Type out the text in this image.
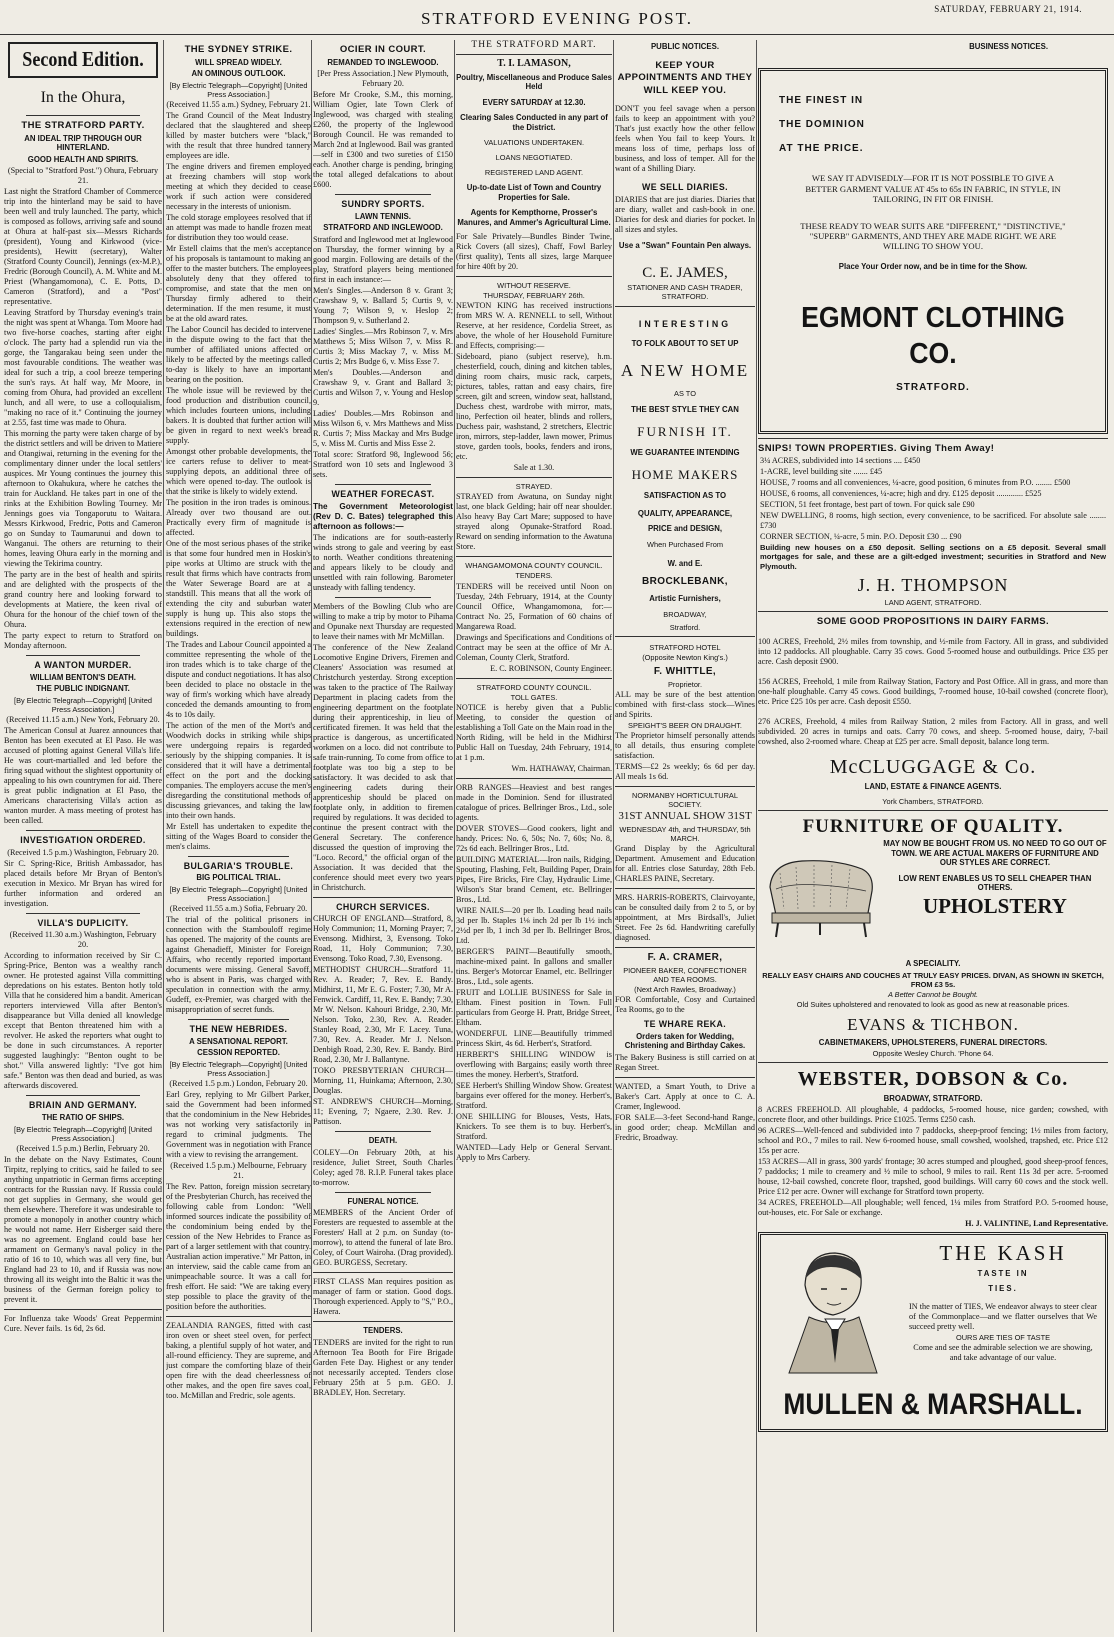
STRATFORD EVENING POST.	SATURDAY, FEBRUARY 21, 1914.
Second Edition.
In the Ohura,
THE STRATFORD PARTY.
AN IDEAL TRIP THROUGH OUR HINTERLAND.
GOOD HEALTH AND SPIRITS.
(Special to "Stratford Post.") Ohura, February 21.
Last night the Stratford Chamber of Commerce trip into the hinterland may be said to have been well and truly launched. The party, which is composed as follows, arriving safe and sound at Ohura at half-past six—Messrs Richards (president), Young and Kirkwood (vice-presidents), Hewitt (secretary), Walter (Stratford County Council), Jennings (ex-M.P.), Fredric (Borough Council), A. M. White and M. Priest (Whangamomona), C. E. Potts, D. Cameron (Stratford), and a "Post" representative.
Leaving Stratford by Thursday evening's train the night was spent at Whanga. Tom Moore had two five-horse coaches, starting after eight o'clock. The party had a splendid run via the gorge, the Tangarakau being seen under the most favourable conditions. The weather was ideal for such a trip, a cool breeze tempering the sun's rays. At half way, Mr Moore, in coming from Ohura, had provided an excellent lunch, and all were, to use a colloquialism, "making no race of it." Continuing the journey at 2.55, fast time was made to Ohura.
This morning the party were taken charge of by the district settlers and will be driven to Matiere and Otangiwai, returning in the evening for the complimentary dinner under the local settlers' auspices. Mr Young continues the journey this afternoon to Okahukura, where he catches the train for Auckland. He takes part in one of the rinks at the Exhibition Bowling Tourney. Mr Jennings goes via Tongaporutu to Waitara. Messrs Kirkwood, Fredric, Potts and Cameron go on Sunday to Taumarunui and down to Wanganui. The others are returning to their homes, leaving Ohura early in the morning and viewing the Tekirima country.
The party are in the best of health and spirits and are delighted with the prospects of the grand country here and looking forward to developments at Matiere, the keen rival of Ohura for the honour of the chief town of the Ohura.
The party expect to return to Stratford on Monday afternoon.
A WANTON MURDER.
WILLIAM BENTON'S DEATH.
THE PUBLIC INDIGNANT.
[By Electric Telegraph—Copyright] [United Press Association.]
(Received 11.15 a.m.) New York, February 20.
The American Consul at Juarez announces that Benton has been executed at El Paso. He was accused of plotting against General Villa's life. He was court-martialled and led before the firing squad without the slightest opportunity of appealing to his own countrymen for aid. There is great public indignation at El Paso, the Americans characterising Villa's action as wanton murder. A mass meeting of protest has been called.
INVESTIGATION ORDERED.
(Received 1.5 p.m.) Washington, February 20.
Sir C. Spring-Rice, British Ambassador, has placed details before Mr Bryan of Benton's execution in Mexico. Mr Bryan has wired for further information and ordered an investigation.
VILLA'S DUPLICITY.
(Received 11.30 a.m.) Washington, February 20.
According to information received by Sir C. Spring-Price, Benton was a wealthy ranch owner. He protested against Villa committing depredations on his estates. Benton hotly told Villa that he considered him a bandit. American reporters interviewed Villa after Benton's disappearance but Villa denied all knowledge except that Benton threatened him with a revolver. He asked the reporters what ought to be done in such circumstances. A reporter suggested laughingly: "Benton ought to be shot." Villa answered lightly: "I've got him safe." Benton was then dead and buried, as was afterwards discovered.
BRIAIN AND GERMANY.
THE RATIO OF SHIPS.
[By Electric Telegraph—Copyright] [United Press Association.]
(Received 1.5 p.m.) Berlin, February 20.
In the debate on the Navy Estimates, Count Tirpitz, replying to critics, said he failed to see anything unpatriotic in German firms accepting contracts for the Russian navy. If Russia could not get supplies in Germany, she would get them elsewhere. Therefore it was undesirable to promote a monopoly in another country which he would not name. Herr Eisberger said there was no agreement. England could base her armament on Germany's naval policy in the ratio of 16 to 10, which was all very fine, but England had 23 to 10, and if Russia was now throwing all its weight into the Baltic it was the business of the German foreign policy to prevent it.
For Influenza take Woods' Great Peppermint Cure. Never fails. 1s 6d, 2s 6d.
THE SYDNEY STRIKE.
WILL SPREAD WIDELY.
AN OMINOUS OUTLOOK.
[By Electric Telegraph—Copyright] [United Press Association.]
(Received 11.55 a.m.) Sydney, February 21.
The Grand Council of the Meat Industry declared that the slaughtered and sheep killed by master butchers were "black," with the result that three hundred tannery employees are idle.
The engine drivers and firemen employed at freezing chambers will stop work meeting at which they decided to cease work if such action were considered necessary in the interests of unionism.
The cold storage employees resolved that if an attempt was made to handle frozen meat for distribution they too would cease.
Mr Estell claims that the men's acceptance of his proposals is tantamount to making an offer to the master butchers. The employees absolutely deny that they offered to compromise, and state that the men on Thursday firmly adhered to their determination. If the men resume, it must be at the old award rates.
The Labor Council has decided to intervene in the dispute owing to the fact that the number of affiliated unions affected or likely to be affected by the meetings called to-day is likely to have an important bearing on the position.
The whole issue will be reviewed by the food production and distribution council, which includes fourteen unions, including bakers. It is doubted that further action will be given in regard to next week's bread supply.
Amongst other probable developments, the ice carters refuse to deliver to meat-supplying depots, an additional three of which were opened to-day. The outlook is that the strike is likely to widely extend.
The position in the iron trades is ominous. Already over two thousand are out. Practically every firm of magnitude is affected.
One of the most serious phases of the strike is that some four hundred men in Hoskin's pipe works at Ultimo are struck with the result that firms which have contracts from the Water Sewerage Board are at a standstill. This means that all the work of extending the city and suburban water supply is hung up. This also stops the extensions required in the erection of new buildings.
The Trades and Labour Council appointed a committee representing the whole of the iron trades which is to take charge of the dispute and conduct negotiations. It has also been decided to place no obstacle in the way of firm's working which have already conceded the demands amounting to from 4s to 10s daily.
The action of the men of the Mort's and Woodwich docks in striking while ships were undergoing repairs is regarded seriously by the shipping companies. It is considered that it will have a detrimental effect on the port and the docking companies. The employers accuse the men's disregarding the constitutional methods of discussing grievances, and taking the law into their own hands.
Mr Estell has undertaken to expedite the sitting of the Wages Board to consider the men's claims.
BULGARIA'S TROUBLE.
BIG POLITICAL TRIAL.
[By Electric Telegraph—Copyright] [United Press Association.]
(Received 11.55 a.m.) Sofia, February 20.
The trial of the political prisoners in connection with the Stambouloff regime has opened. The majority of the counts are against Ghenadieff, Minister for Foreign Affairs, who recently reported important documents were missing. General Savoff, who is absent in Paris, was charged with speculation in connection with the army. Gudeff, ex-Premier, was charged with the misappropriation of secret funds.
THE NEW HEBRIDES.
A SENSATIONAL REPORT.
CESSION REPORTED.
[By Electric Telegraph—Copyright] [United Press Association.]
(Received 1.5 p.m.) London, February 20.
Earl Grey, replying to Mr Gilbert Parker, said the Government had been informed that the condominium in the New Hebrides was not working very satisfactorily in regard to criminal judgments. The Government was in negotiation with France with a view to revising the arrangement.
(Received 1.5 p.m.) Melbourne, February 21.
The Rev. Patton, foreign mission secretary of the Presbyterian Church, has received the following cable from London: "Well informed sources indicate the possibility of the condominium being ended by the cession of the New Hebrides to France as part of a larger settlement with that country. Australian action imperative." Mr Patton, in an interview, said the cable came from an unimpeachable source. It was a call for fresh effort. He said: "We are taking every step possible to place the gravity of the position before the authorities.
ZEALANDIA RANGES, fitted with cast iron oven or sheet steel oven, for perfect baking, a plentiful supply of hot water, and all-round efficiency. They are supreme, and just compare the comforting blaze of their open fire with the dead cheerlessness of other makes, and the open fire saves coal, too. McMillan and Fredric, sole agents.
OCIER IN COURT.
REMANDED TO INGLEWOOD.
[Per Press Association.] New Plymouth, February 20.
Before Mr Crooke, S.M., this morning, William Ogier, late Town Clerk of Inglewood, was charged with stealing £260, the property of the Inglewood Borough Council. He was remanded to March 2nd at Inglewood. Bail was granted—self in £300 and two sureties of £150 each. Another charge is pending, bringing the total alleged defalcations to about £600.
SUNDRY SPORTS.
LAWN TENNIS.
STRATFORD AND INGLEWOOD.
Stratford and Inglewood met at Inglewood on Thursday, the former winning by a good margin. Following are details of the play, Stratford players being mentioned first in each instance:—
Men's Singles.—Anderson 8 v. Grant 3; Crawshaw 9, v. Ballard 5; Curtis 9, v. Young 7; Wilson 9, v. Heslop 2; Thompson 9, v. Sutherland 2.
Ladies' Singles.—Mrs Robinson 7, v. Mrs Matthews 5; Miss Wilson 7, v. Miss R. Curtis 3; Miss Mackay 7, v. Miss M. Curtis 2; Mrs Budge 6, v. Miss Esse 7.
Men's Doubles.—Anderson and Crawshaw 9, v. Grant and Ballard 3; Curtis and Wilson 7, v. Young and Heslop 9.
Ladies' Doubles.—Mrs Robinson and Miss Wilson 6, v. Mrs Matthews and Miss R. Curtis 7; Miss Mackay and Mrs Budge 5, v. Miss M. Curtis and Miss Esse 2.
Total score: Stratford 98, Inglewood 56; Stratford won 10 sets and Inglewood 3 sets.
WEATHER FORECAST.
The Government Meteorologist (Rev D. C. Bates) telegraphed this afternoon as follows:—
The indications are for south-easterly winds strong to gale and veering by east to north. Weather conditions threatening and appears likely to be cloudy and unsettled with rain following. Barometer unsteady with falling tendency.
Members of the Bowling Club who are willing to make a trip by motor to Pihama and Opunake next Thursday are requested to leave their names with Mr McMillan.
The conference of the New Zealand Locomotive Engine Drivers, Firemen and Cleaners' Association was resumed at Christchurch yesterday. Strong exception was taken to the practice of The Railway Department in placing cadets from the engineering department on the footplate during their apprenticeship, in lieu of certificated firemen. It was held that the practice is dangerous, as uncertificated workmen on a loco. did not contribute to safe train-running. To come from office to footplate was too big a step to be satisfactory. It was decided to ask that engineering cadets during their apprenticeship should be placed on footplate only, in addition to firemen required by regulations. It was decided to continue the present contract with the General Secretary. The conference discussed the question of improving the "Loco. Record," the official organ of the Association. It was decided that the conference should meet every two years in Christchurch.
CHURCH SERVICES.
CHURCH OF ENGLAND—Stratford, 8, Holy Communion; 11, Morning Prayer; 7, Evensong. Midhirst, 3, Evensong. Toko Road, 11, Holy Communion; 7.30, Evensong. Toko Road, 7.30, Evensong.
METHODIST CHURCH—Stratford 11, Rev. A. Reader; 7, Rev. E. Bandy. Midhirst, 11, Mr E. G. Foster; 7.30, Mr A. Fenwick. Cardiff, 11, Rev. E. Bandy; 7.30, Mr W. Nelson. Kahouri Bridge, 2.30, Mr. Nelson. Toko, 2.30, Rev. A. Reader. Stanley Road, 2.30, Mr F. Lacey. Tuna, 7.30, Rev. A. Reader. Mr J. Nelson. Denbigh Road, 2.30, Rev. E. Bandy. Bird Road, 2.30, Mr J. Ballantyne.
TOKO PRESBYTERIAN CHURCH—Morning, 11, Huinkama; Afternoon, 2.30, Douglas.
ST. ANDREW'S CHURCH—Morning, 11; Evening, 7; Ngaere, 2.30. Rev. J. Pattison.
DEATH.
COLEY—On February 20th, at his residence, Juliet Street, South Charles Coley; aged 78. R.I.P. Funeral takes place to-morrow.
FUNERAL NOTICE.
MEMBERS of the Ancient Order of Foresters are requested to assemble at the Foresters' Hall at 2 p.m. on Sunday (to-morrow), to attend the funeral of late Bro. Coley, of Court Wairoha. (Drag provided). GEO. BURGESS, Secretary.
FIRST CLASS Man requires position as manager of farm or station. Good dogs. Thorough experienced. Apply to "S," P.O., Hawera.
TENDERS.
TENDERS are invited for the right to run Afternoon Tea Booth for Fire Brigade Garden Fete Day. Highest or any tender not necessarily accepted. Tenders close February 25th at 5 p.m. GEO. J. BRADLEY, Hon. Secretary.
THE STRATFORD MART.
T. I. LAMASON,
Poultry, Miscellaneous and Produce Sales Held
EVERY SATURDAY at 12.30.
Clearing Sales Conducted in any part of the District.
VALUATIONS UNDERTAKEN.
LOANS NEGOTIATED.
REGISTERED LAND AGENT.
Up-to-date List of Town and Country Properties for Sale.
Agents for Kempthorne, Prosser's Manures, and Ammer's Agricultural Lime.
For Sale Privately—Bundles Binder Twine, Rick Covers (all sizes), Chaff, Fowl Barley (first quality), Tents all sizes, large Marquee for hire 40ft by 20.
WITHOUT RESERVE.
THURSDAY, FEBRUARY 26th.
NEWTON KING has received instructions from MRS W. A. RENNELL to sell, Without Reserve, at her residence, Cordelia Street, as above, the whole of her Household Furniture and Effects, comprising:—
Sideboard, piano (subject reserve), h.m. chesterfield, couch, dining and kitchen tables, dining room chairs, music rack, carpets, pictures, tables, rattan and easy chairs, fire screen, gilt and screen, window seat, hallstand, Duchess chest, wardrobe with mirror, mats, lino, Perfection oil heater, blinds and rollers, Duchess pair, washstand, 2 stretchers, Electric iron, mirrors, step-ladder, lawn mower, Primus stove, garden tools, books, fenders and irons, etc.
Sale at 1.30.
STRAYED.
STRAYED from Awatuna, on Sunday night last, one black Gelding; hair off near shoulder. Also heavy Bay Cart Mare; supposed to have strayed along Opunake-Stratford Road. Reward on sending information to the Awatuna Store.
WHANGAMOMONA COUNTY COUNCIL.
TENDERS.
TENDERS will be received until Noon on Tuesday, 24th February, 1914, at the County Council Office, Whangamomona, for:—Contract No. 25, Formation of 60 chains of Mangarewa Road.
Drawings and Specifications and Conditions of Contract may be seen at the office of Mr A. Coleman, County Clerk, Stratford.
E. C. ROBINSON, County Engineer.
STRATFORD COUNTY COUNCIL.
TOLL GATES.
NOTICE is hereby given that a Public Meeting, to consider the question of establishing a Toll Gate on the Main road in the North Riding, will be held in the Midhirst Public Hall on Tuesday, 24th February, 1914, at 1 p.m.
Wm. HATHAWAY, Chairman.
ORB RANGES—Heaviest and best ranges made in the Dominion. Send for illustrated catalogue of prices. Bellringer Bros., Ltd., sole agents.
DOVER STOVES—Good cookers, light and handy. Prices: No. 6, 50s; No. 7, 60s; No. 8, 72s 6d each. Bellringer Bros., Ltd.
BUILDING MATERIAL—Iron nails, Ridging, Spouting, Flashing, Felt, Building Paper, Drain Pipes, Fire Bricks, Fire Clay, Hydraulic Lime, Wilson's Star brand Cement, etc. Bellringer Bros., Ltd.
WIRE NAILS—20 per lb. Loading head nails 3d per lb. Staples 1⅛ inch 2d per lb 1½ inch 2½d per lb, 1 inch 3d per lb. Bellringer Bros, Ltd.
BERGER'S PAINT—Beautifully smooth, machine-mixed paint. In gallons and smaller tins. Berger's Motorcar Enamel, etc. Bellringer Bros., Ltd., sole agents.
FRUIT and LOLLIE BUSINESS for Sale in Eltham. Finest position in Town. Full particulars from George H. Pratt, Bridge Street, Eltham.
WONDERFUL LINE—Beautifully trimmed Princess Skirt, 4s 6d. Herbert's, Stratford.
HERBERT'S SHILLING WINDOW is overflowing with Bargains; easily worth three times the money. Herbert's, Stratford.
SEE Herbert's Shilling Window Show. Greatest bargains ever offered for the money. Herbert's, Stratford.
ONE SHILLING for Blouses, Vests, Hats, Knickers. To see them is to buy. Herbert's, Stratford.
WANTED—Lady Help or General Servant. Apply to Mrs Carbery.
PUBLIC NOTICES.
KEEP YOUR APPOINTMENTS AND THEY WILL KEEP YOU.
DON'T you feel savage when a person fails to keep an appointment with you? That's just exactly how the other fellow feels when You fail to keep Yours. It means loss of time, perhaps loss of business, and loss of temper. All for the want of a Shilling Diary.
WE SELL DIARIES.
DIARIES that are just diaries. Diaries that are diary, wallet and cash-book in one. Diaries for desk and diaries for pocket. In all sizes and styles.
Use a "Swan" Fountain Pen always.
C. E. JAMES,
STATIONER AND CASH TRADER, STRATFORD.
INTERESTING
TO FOLK ABOUT TO SET UP
A NEW HOME
AS TO
THE BEST STYLE THEY CAN
FURNISH IT.
WE GUARANTEE INTENDING
HOME MAKERS
SATISFACTION AS TO
QUALITY, APPEARANCE,
PRICE and DESIGN,
When Purchased From
W. and E.
BROCKLEBANK,
Artistic Furnishers,
BROADWAY,
Stratford.
STRATFORD HOTEL
(Opposite Newton King's.)
F. WHITTLE,
Proprietor.
ALL may be sure of the best attention combined with first-class stock—Wines and Spirits.
SPEIGHT'S BEER ON DRAUGHT.
The Proprietor himself personally attends to all details, thus ensuring complete satisfaction.
TERMS—£2 2s weekly; 6s 6d per day. All meals 1s 6d.
NORMANBY HORTICULTURAL SOCIETY.
31ST ANNUAL SHOW 31ST
WEDNESDAY 4th, and THURSDAY, 5th MARCH.
Grand Display by the Agricultural Department. Amusement and Education for all. Entries close Saturday, 28th Feb. CHARLES PAINE, Secretary.
MRS. HARRIS-ROBERTS, Clairvoyante, can be consulted daily from 2 to 5, or by appointment, at Mrs Birdsall's, Juliet Street. Fee 2s 6d. Handwriting carefully diagnosed.
F. A. CRAMER,
PIONEER BAKER, CONFECTIONER AND TEA ROOMS.
(Next Arch Rawles, Broadway.)
FOR Comfortable, Cosy and Curtained Tea Rooms, go to the
TE WHARE REKA.
Orders taken for Wedding, Christening and Birthday Cakes.
The Bakery Business is still carried on at Regan Street.
WANTED, a Smart Youth, to Drive a Baker's Cart. Apply at once to C. A. Cramer, Inglewood.
FOR SALE—3-feet Second-hand Range, in good order; cheap. McMillan and Fredric, Broadway.
BUSINESS NOTICES.
THE FINEST IN
THE DOMINION
AT THE PRICE.
WE SAY IT ADVISEDLY—FOR IT IS NOT POSSIBLE TO GIVE A BETTER GARMENT VALUE AT 45s to 65s IN FABRIC, IN STYLE, IN TAILORING, IN FIT OR FINISH.
THESE READY TO WEAR SUITS ARE "DIFFERENT," "DISTINCTIVE," "SUPERB" GARMENTS, AND THEY ARE MADE RIGHT. WE ARE WILLING TO SHOW YOU.
Place Your Order now, and be in time for the Show.
EGMONT CLOTHING CO.
STRATFORD.
SNIPS! TOWN PROPERTIES. Giving Them Away!
3¼ ACRES, subdivided into 14 sections .... £450
1-ACRE, level building site ....... £45
HOUSE, 7 rooms and all conveniences, ¼-acre, good position, 6 minutes from P.O. ........ £500
HOUSE, 6 rooms, all conveniences, ¼-acre; high and dry. £125 deposit ............. £525
SECTION, 51 feet frontage, best part of town. For quick sale £90
NEW DWELLING, 8 rooms, high section, every convenience, to be sacrificed. For absolute sale ........ £730
CORNER SECTION, ¼-acre, 5 min. P.O. Deposit £30 ... £90
Building new houses on a £50 deposit. Selling sections on a £5 deposit. Several small mortgages for sale, and these are a gilt-edged investment; securities in Stratford and New Plymouth.
J. H. THOMPSON
LAND AGENT, STRATFORD.
SOME GOOD PROPOSITIONS IN DAIRY FARMS.
100 ACRES, Freehold, 2½ miles from township, and ½-mile from Factory. All in grass, and subdivided into 12 paddocks. All ploughable. Carry 35 cows. Good 5-roomed house and outbuildings. Price £35 per acre. Cash deposit £900.
156 ACRES, Freehold, 1 mile from Railway Station, Factory and Post Office. All in grass, and more than one-half ploughable. Carry 45 cows. Good buildings, 7-roomed house, 10-bail cowshed (concrete floor), etc. Price £25 10s per acre. Cash deposit £550.
276 ACRES, Freehold, 4 miles from Railway Station, 2 miles from Factory. All in grass, and well subdivided. 20 acres in turnips and oats. Carry 70 cows, and sheep. 5-roomed house, dairy, 7-bail cowshed, also 2-roomed whare. Cheap at £25 per acre. Small deposit, balance long term.
McCLUGGAGE & Co.
LAND, ESTATE & FINANCE AGENTS.
York Chambers, STRATFORD.
FURNITURE OF QUALITY.
MAY NOW BE BOUGHT FROM US. NO NEED TO GO OUT OF TOWN. WE ARE ACTUAL MAKERS OF FURNITURE AND OUR STYLES ARE CORRECT.
LOW RENT ENABLES US TO SELL CHEAPER THAN OTHERS.
UPHOLSTERY
A SPECIALITY.
REALLY EASY CHAIRS AND COUCHES AT TRULY EASY PRICES. DIVAN, AS SHOWN IN SKETCH, FROM £3 5s.
A Better Cannot be Bought.
Old Suites upholstered and renovated to look as good as new at reasonable prices.
EVANS & TICHBON.
CABINETMAKERS, UPHOLSTERERS, FUNERAL DIRECTORS.
Opposite Wesley Church. 'Phone 64.
WEBSTER, DOBSON & Co.
BROADWAY, STRATFORD.
8 ACRES FREEHOLD. All ploughable, 4 paddocks, 5-roomed house, nice garden; cowshed, with concrete floor, and other buildings. Price £1025. Terms £250 cash.
96 ACRES—Well-fenced and subdivided into 7 paddocks, sheep-proof fencing; 1½ miles from factory, school and P.O., 7 miles to rail. New 6-roomed house, small cowshed, woolshed, trapshed, etc. Price £12 15s per acre.
153 ACRES—All in grass, 300 yards' frontage; 30 acres stumped and ploughed, good sheep-proof fences, 7 paddocks; 1 mile to creamery and ½ mile to school, 9 miles to rail. Rent 11s 3d per acre. 5-roomed house, 12-bail cowshed, concrete floor, trapshed, good buildings. Will carry 60 cows and the stock well. Price £12 per acre. Owner will exchange for Stratford town property.
34 ACRES, FREEHOLD—All ploughable; well fenced, 1¼ miles from Stratford P.O. 5-roomed house, out-houses, etc. For Sale or exchange.
H. J. VALINTINE, Land Representative.
THE KASH
TASTE IN
TIES.
IN the matter of TIES, We endeavor always to steer clear of the Commonplace—and we flatter ourselves that We succeed pretty well.
OURS ARE TIES OF TASTE
Come and see the admirable selection we are showing, and take advantage of our value.
MULLEN & MARSHALL.
